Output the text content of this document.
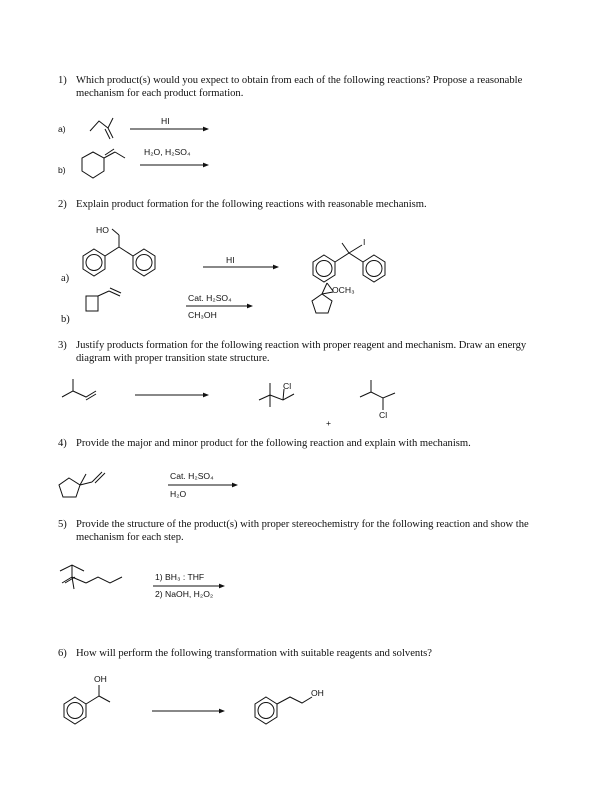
1) Which product(s) would you expect to obtain from each of the following reactions? Propose a reasonable mechanism for each product formation.
2) Explain product formation for the following reactions with reasonable mechanism.
3) Justify products formation for the following reaction with proper reagent and mechanism. Draw an energy diagram with proper transition state structure.
4) Provide the major and minor product for the following reaction and explain with mechanism.
5) Provide the structure of the product(s) with proper stereochemistry for the following reaction and show the mechanism for each step.
6) How will perform the following transformation with suitable reagents and solvents?
a)
HI
b)
H₂O, H₂SO₄
HO
a)
HI
I
b)
Cat. H₂SO₄
CH₃OH
OCH₃
Cl
+
Cl
Cat. H₂SO₄
H₂O
1) BH₃ : THF
2) NaOH, H₂O₂
OH
OH
